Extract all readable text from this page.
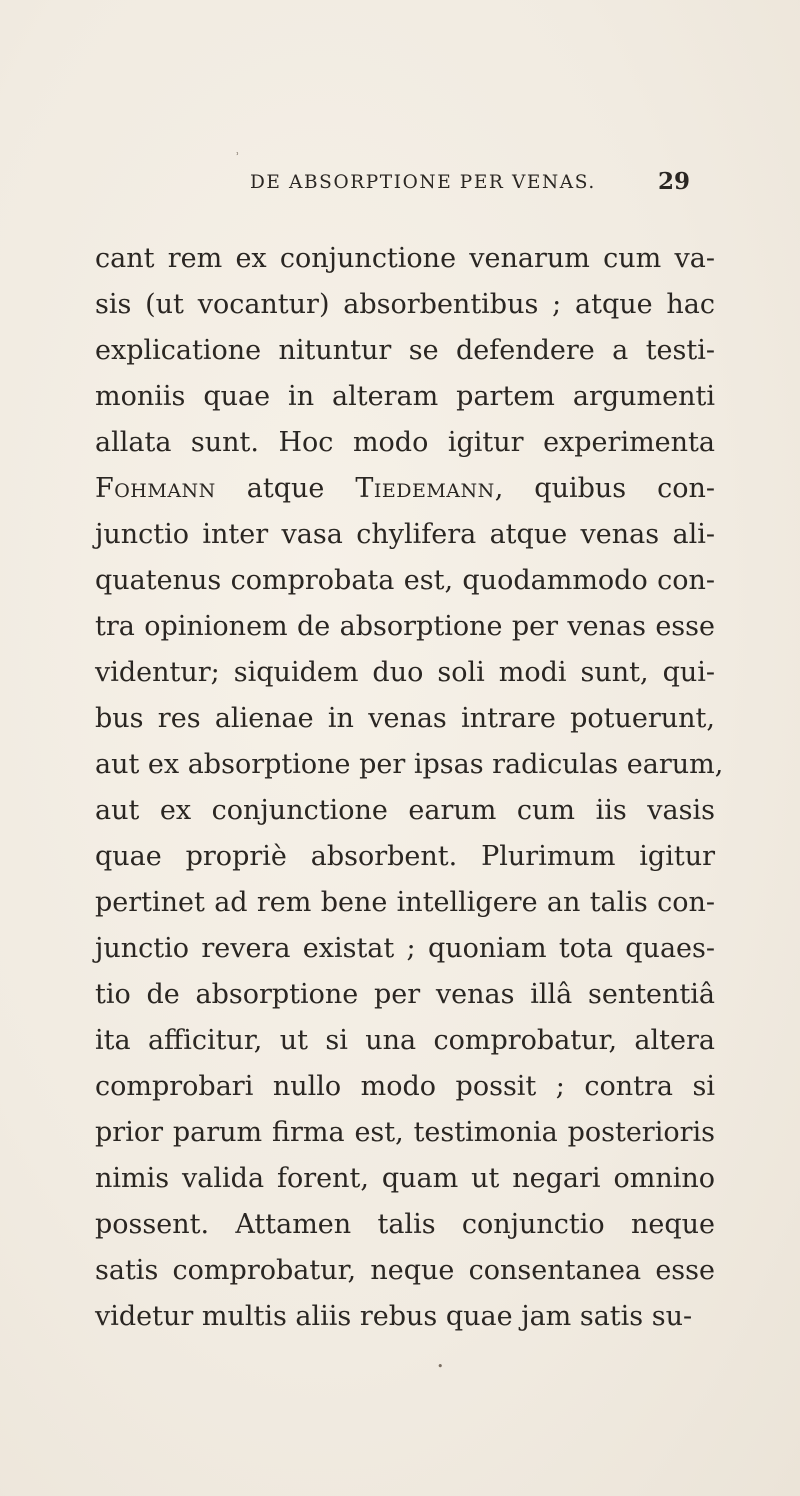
DE ABSORPTIONE PER VENAS.	29
cant rem ex conjunctione venarum cum va-
sis (ut vocantur) absorbentibus ; atque hac
explicatione nituntur se defendere a testi-
moniis quae in alteram partem argumenti
allata sunt. Hoc modo igitur experimenta
Fohmann atque Tiedemann, quibus con-
junctio inter vasa chylifera atque venas ali-
quatenus comprobata est, quodammodo con-
tra opinionem de absorptione per venas esse
videntur; siquidem duo soli modi sunt, qui-
bus res alienae in venas intrare potuerunt,
aut ex absorptione per ipsas radiculas earum,
aut ex conjunctione earum cum iis vasis
quae propriè absorbent. Plurimum igitur
pertinet ad rem bene intelligere an talis con-
junctio revera existat ; quoniam tota quaes-
tio de absorptione per venas illâ sententiâ
ita afficitur, ut si una comprobatur, altera
comprobari nullo modo possit ; contra si
prior parum firma est, testimonia posterioris
nimis valida forent, quam ut negari omnino
possent. Attamen talis conjunctio neque
satis comprobatur, neque consentanea esse
videtur multis aliis rebus quae jam satis su-
˒
•
